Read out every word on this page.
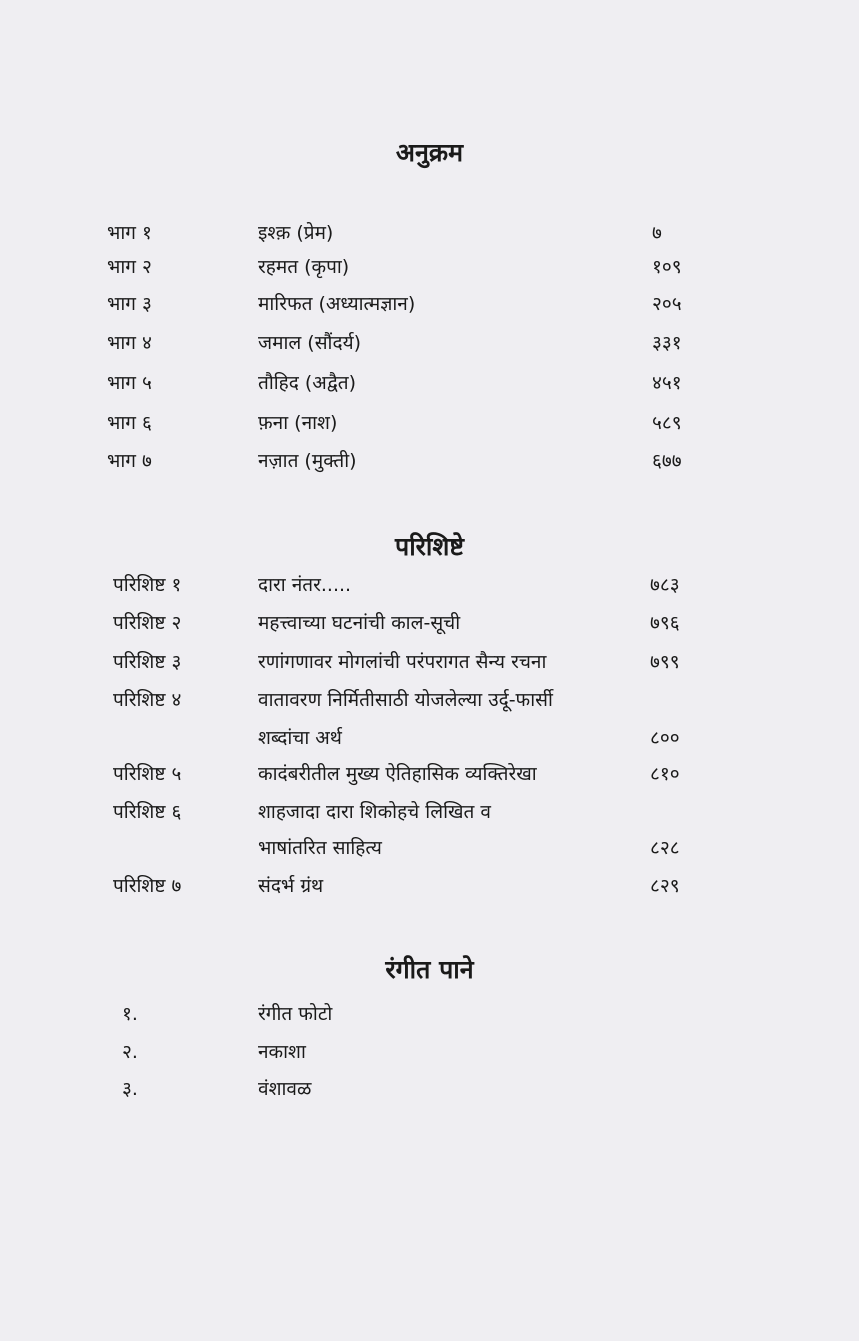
अनुक्रम
भाग १	इश्क़ (प्रेम)	७
भाग २	रहमत (कृपा)	१०९
भाग ३	मारिफत (अध्यात्मज्ञान)	२०५
भाग ४	जमाल (सौंदर्य)	३३१
भाग ५	तौहिद (अद्वैत)	४५१
भाग ६	फ़ना (नाश)	५८९
भाग ७	नज़ात (मुक्ती)	६७७
परिशिष्टे
परिशिष्ट १	दारा नंतर.....	७८३
परिशिष्ट २	महत्त्वाच्या घटनांची काल-सूची	७९६
परिशिष्ट ३	रणांगणावर मोगलांची परंपरागत सैन्य रचना	७९९
परिशिष्ट ४	वातावरण निर्मितीसाठी योजलेल्या उर्दू-फार्सी
शब्दांचा अर्थ	८००
परिशिष्ट ५	कादंबरीतील मुख्य ऐतिहासिक व्यक्तिरेखा	८१०
परिशिष्ट ६	शाहजादा दारा शिकोहचे लिखित व
भाषांतरित साहित्य	८२८
परिशिष्ट ७	संदर्भ ग्रंथ	८२९
रंगीत पाने
१.	रंगीत फोटो
२.	नकाशा
३.	वंशावळ
